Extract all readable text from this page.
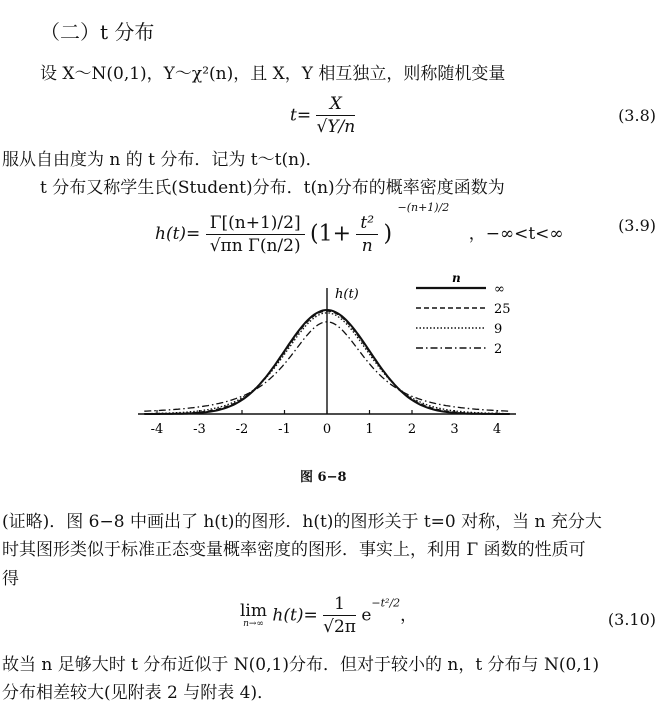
（二）t 分布
设 X～N(0,1)，Y～χ²(n)，且 X，Y 相互独立，则称随机变量
$t= \frac{X}{√Y/n}$	(3.8)
服从自由度为 n 的 t 分布．记为 t～t(n)．
t 分布又称学生氏(Student)分布．t(n)分布的概率密度函数为
$h(t)= \frac{\Gamma[(n+1)/2]}{\text{√πn Γ(n/2)}} (1+ \frac{\text{t²}}{n}$ ) $^{-(n+1)/2}$ ，−∞<t<∞	(3.9)
h(t)
-4 -3 -2 -1 0	1	2	3	4
n
∞
25
9
2
图 6−8
(证略)．图 6−8 中画出了 h(t)的图形．h(t)的图形关于 t=0 对称，当 n 充分大
时其图形类似于标准正态变量概率密度的图形．事实上，利用 Γ 函数的性质可
得
lim
n→∞ $h(t)= \frac{1}{√2\pi} e^{-t^2/2}$，	(3.10)
故当 n 足够大时 t 分布近似于 N(0,1)分布．但对于较小的 n，t 分布与 N(0,1)
分布相差较大(见附表 2 与附表 4)．
